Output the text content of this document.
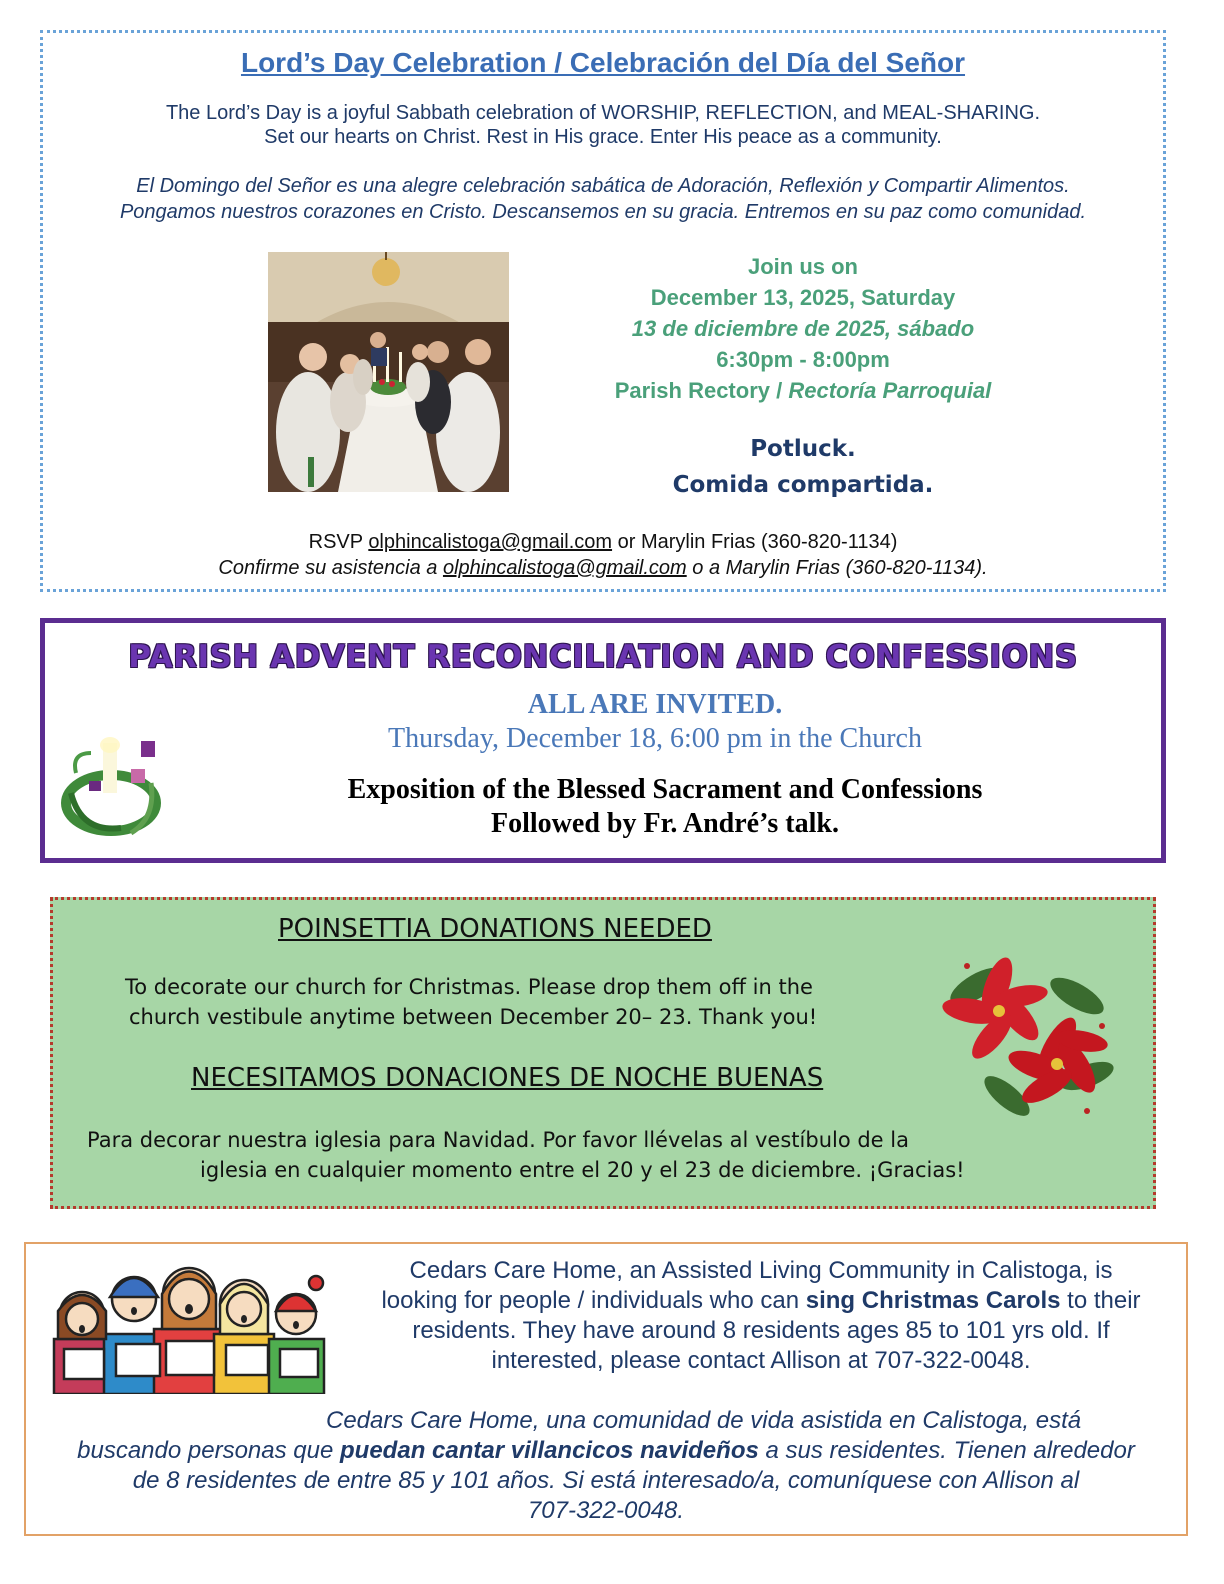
Lord’s Day Celebration / Celebración del Día del Señor
The Lord’s Day is a joyful Sabbath celebration of WORSHIP, REFLECTION, and MEAL-SHARING.
Set our hearts on Christ. Rest in His grace. Enter His peace as a community.
El Domingo del Señor es una alegre celebración sabática de Adoración, Reflexión y Compartir Alimentos.
Pongamos nuestros corazones en Cristo. Descansemos en su gracia. Entremos en su paz como comunidad.
Join us on
December 13, 2025, Saturday
13 de diciembre de 2025, sábado
6:30pm - 8:00pm
Parish Rectory / Rectoría Parroquial
Potluck.
Comida compartida.
RSVP olphincalistoga@gmail.com or Marylin Frias (360-820-1134)
Confirme su asistencia a olphincalistoga@gmail.com o a Marylin Frias (360-820-1134).
PARISH ADVENT RECONCILIATION AND CONFESSIONS
ALL ARE INVITED.
Thursday, December 18, 6:00 pm in the Church
Exposition of the Blessed Sacrament and Confessions
Followed by Fr. André’s talk.
POINSETTIA DONATIONS NEEDED
To decorate our church for Christmas. Please drop them off in the
church vestibule anytime between December 20– 23. Thank you!
NECESITAMOS DONACIONES DE NOCHE BUENAS
Para decorar nuestra iglesia para Navidad. Por favor llévelas al vestíbulo de la
iglesia en cualquier momento entre el 20 y el 23 de diciembre. ¡Gracias!
Cedars Care Home, an Assisted Living Community in Calistoga, is
looking for people / individuals who can sing Christmas Carols to their
residents. They have around 8 residents ages 85 to 101 yrs old. If
interested, please contact Allison at 707-322-0048.
Cedars Care Home, una comunidad de vida asistida en Calistoga, está
buscando personas que puedan cantar villancicos navideños a sus residentes. Tienen alrededor
de 8 residentes de entre 85 y 101 años. Si está interesado/a, comuníquese con Allison al
707-322-0048.
